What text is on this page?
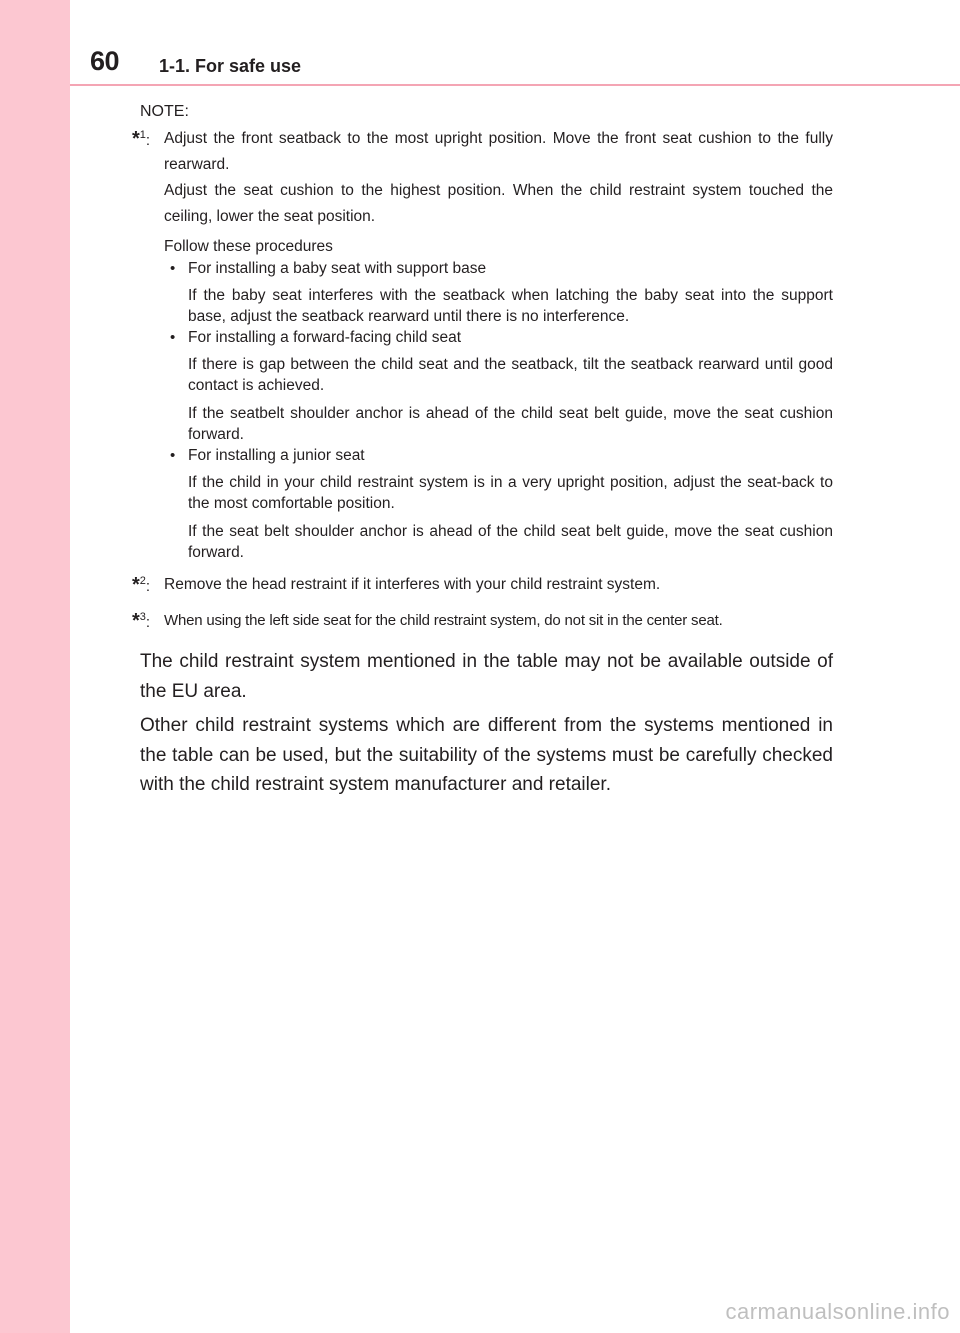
60 1-1. For safe use
NOTE:
*$^1$: Adjust the front seatback to the most upright position. Move the front seat cushion to the fully rearward.

Adjust the seat cushion to the highest position. When the child restraint system touched the ceiling, lower the seat position.

Follow these procedures

• For installing a baby seat with support base

If the baby seat interferes with the seatback when latching the baby seat into the support base, adjust the seatback rearward until there is no interference.

• For installing a forward-facing child seat

If there is gap between the child seat and the seatback, tilt the seatback rearward until good contact is achieved.

If the seatbelt shoulder anchor is ahead of the child seat belt guide, move the seat cushion forward.

• For installing a junior seat

If the child in your child restraint system is in a very upright position, adjust the seat-back to the most comfortable position.

If the seat belt shoulder anchor is ahead of the child seat belt guide, move the seat cushion forward.

*$^2$: Remove the head restraint if it interferes with your child restraint system.

*$^3$: When using the left side seat for the child restraint system, do not sit in the center seat.

The child restraint system mentioned in the table may not be available outside of the EU area.

Other child restraint systems which are different from the systems mentioned in the table can be used, but the suitability of the systems must be carefully checked with the child restraint system manufacturer and retailer.

carmanualsonline.info
